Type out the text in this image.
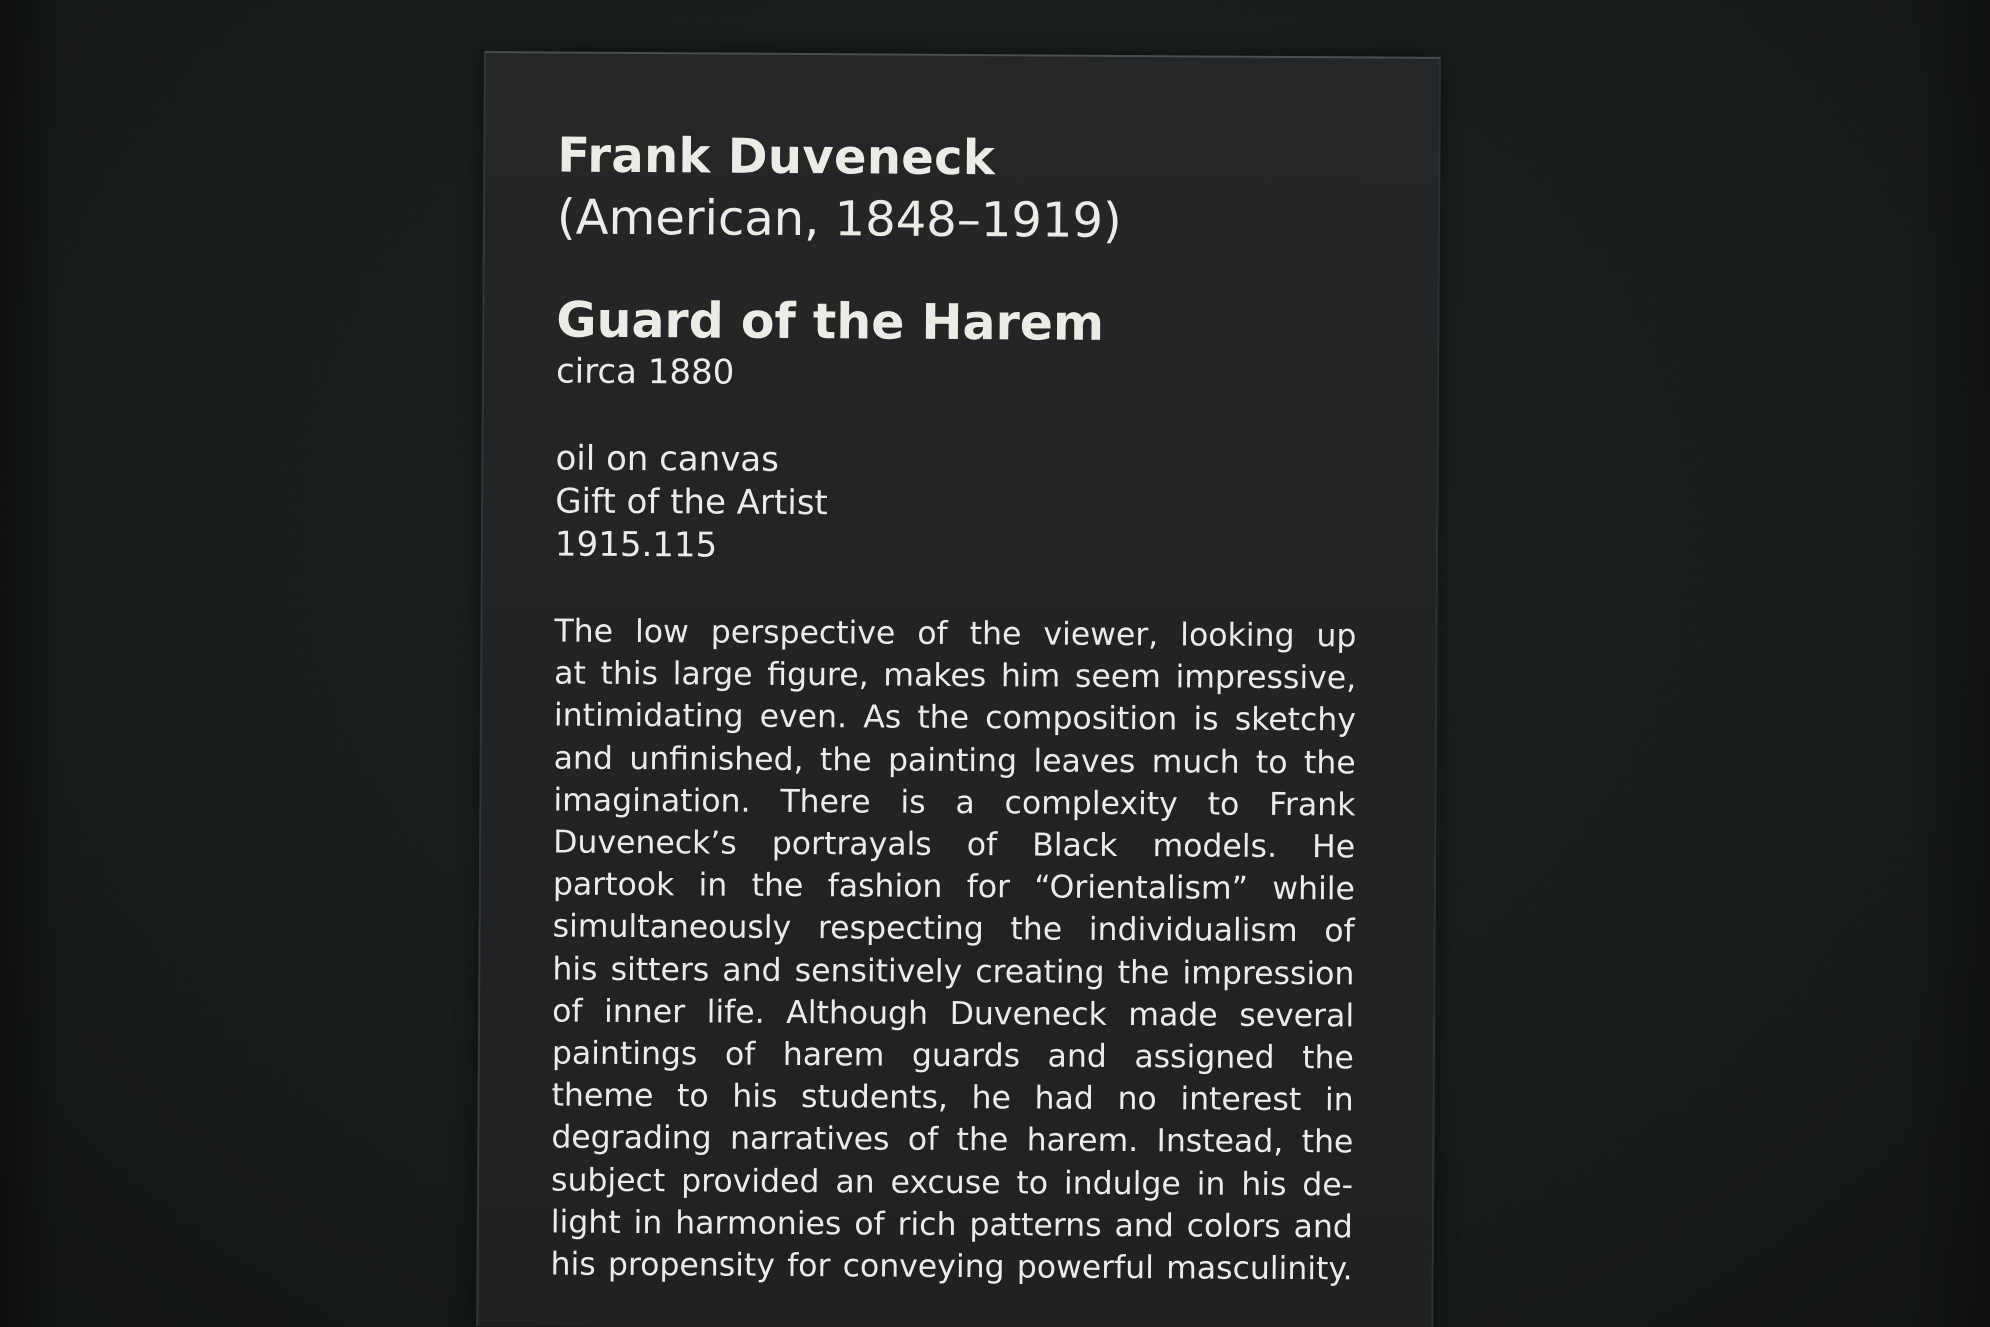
Frank Duveneck
(American, 1848–1919)
Guard of the Harem
circa 1880
oil on canvas
Gift of the Artist
1915.115
The low perspective of the viewer, looking up
at this large figure, makes him seem impressive,
intimidating even. As the composition is sketchy
and unfinished, the painting leaves much to the
imagination. There is a complexity to Frank
Duveneck’s portrayals of Black models. He
partook in the fashion for “Orientalism” while
simultaneously respecting the individualism of
his sitters and sensitively creating the impression
of inner life. Although Duveneck made several
paintings of harem guards and assigned the
theme to his students, he had no interest in
degrading narratives of the harem. Instead, the
subject provided an excuse to indulge in his de-
light in harmonies of rich patterns and colors and
his propensity for conveying powerful masculinity.
